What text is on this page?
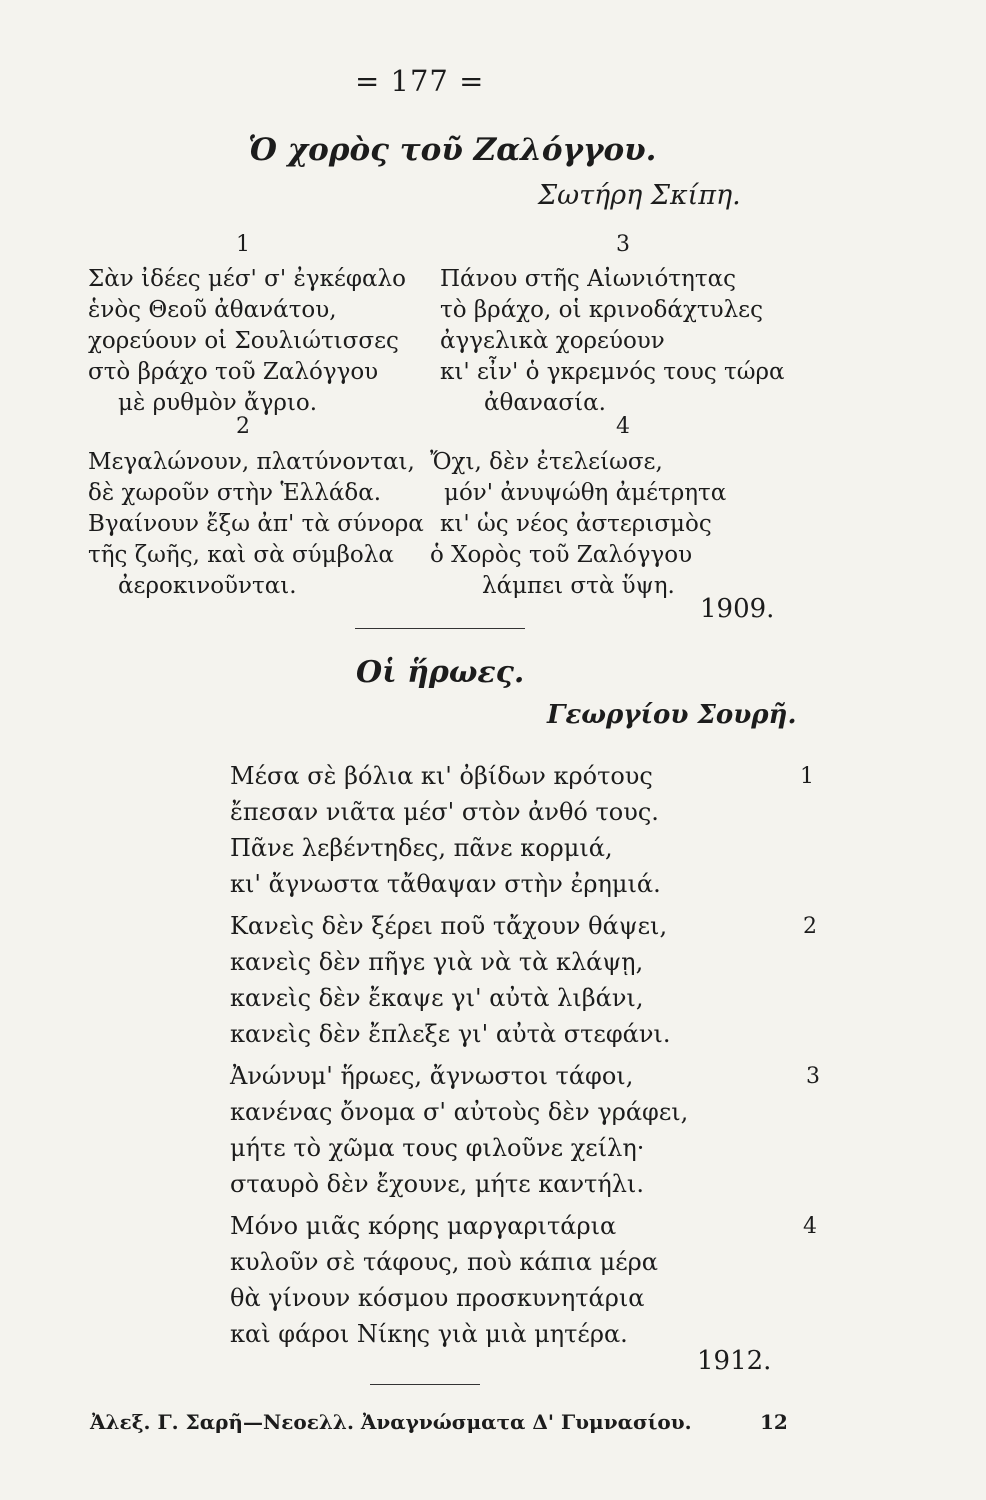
= 177 =
Ὁ χορὸς τοῦ Ζαλόγγου.
Σωτήρη Σκίπη.
1
Σὰν ἰδέες μέσ' σ' ἐγκέφαλο
ἑνὸς Θεοῦ ἀθανάτου,
χορεύουν οἱ Σουλιώτισσες
στὸ βράχο τοῦ Ζαλόγγου
μὲ ρυθμὸν ἄγριο.
2
Μεγαλώνουν, πλατύνονται,
δὲ χωροῦν στὴν Ἑλλάδα.
Βγαίνουν ἔξω ἀπ' τὰ σύνορα
τῆς ζωῆς, καὶ σὰ σύμβολα
ἀεροκινοῦνται.
3
Πάνου στῆς Αἰωνιότητας
τὸ βράχο, οἱ κρινοδάχτυλες
ἀγγελικὰ χορεύουν
κι' εἶν' ὁ γκρεμνός τους τώρα
ἀθανασία.
4
Ὄχι, δὲν ἐτελείωσε,
μόν' ἀνυψώθη ἀμέτρητα
κι' ὡς νέος ἀστερισμὸς
ὁ Χορὸς τοῦ Ζαλόγγου
λάμπει στὰ ὕψη.
1909.
Οἱ ἥρωες.
Γεωργίου Σουρῆ.
Μέσα σὲ βόλια κι' ὀβίδων κρότους	1
ἔπεσαν νιᾶτα μέσ' στὸν ἀνθό τους.
Πᾶνε λεβέντηδες, πᾶνε κορμιά,
κι' ἄγνωστα τἄθαψαν στὴν ἐρημιά.
Κανεὶς δὲν ξέρει ποῦ τἄχουν θάψει,	2
κανεὶς δὲν πῆγε γιὰ νὰ τὰ κλάψῃ,
κανεὶς δὲν ἔκαψε γι' αὐτὰ λιβάνι,
κανεὶς δὲν ἔπλεξε γι' αὐτὰ στεφάνι.
Ἀνώνυμ' ἥρωες, ἄγνωστοι τάφοι,	3
κανένας ὄνομα σ' αὐτοὺς δὲν γράφει,
μήτε τὸ χῶμα τους φιλοῦνε χείλη·
σταυρὸ δὲν ἔχουνε, μήτε καντήλι.
Μόνο μιᾶς κόρης μαργαριτάρια	4
κυλοῦν σὲ τάφους, ποὺ κάπια μέρα
θὰ γίνουν κόσμου προσκυνητάρια
καὶ φάροι Νίκης γιὰ μιὰ μητέρα.
1912.
Ἀλεξ. Γ. Σαρῆ—Νεοελλ. Ἀναγνώσματα Δ' Γυμνασίου.	12
